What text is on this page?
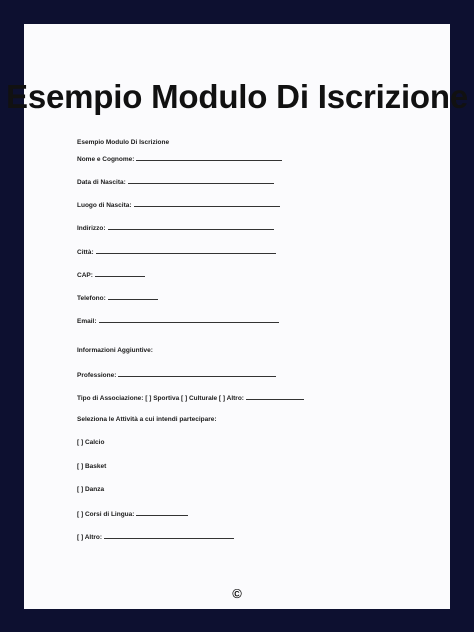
Esempio Modulo Di Iscrizione
Esempio Modulo Di Iscrizione
Nome e Cognome:
Data di Nascita:
Luogo di Nascita:
Indirizzo:
Città:
CAP:
Telefono:
Email:
Informazioni Aggiuntive:
Professione:
Tipo di Associazione: [ ] Sportiva [ ] Culturale [ ] Altro:
Seleziona le Attività a cui intendi partecipare:
[ ] Calcio
[ ] Basket
[ ] Danza
[ ] Corsi di Lingua:
[ ] Altro:
©
